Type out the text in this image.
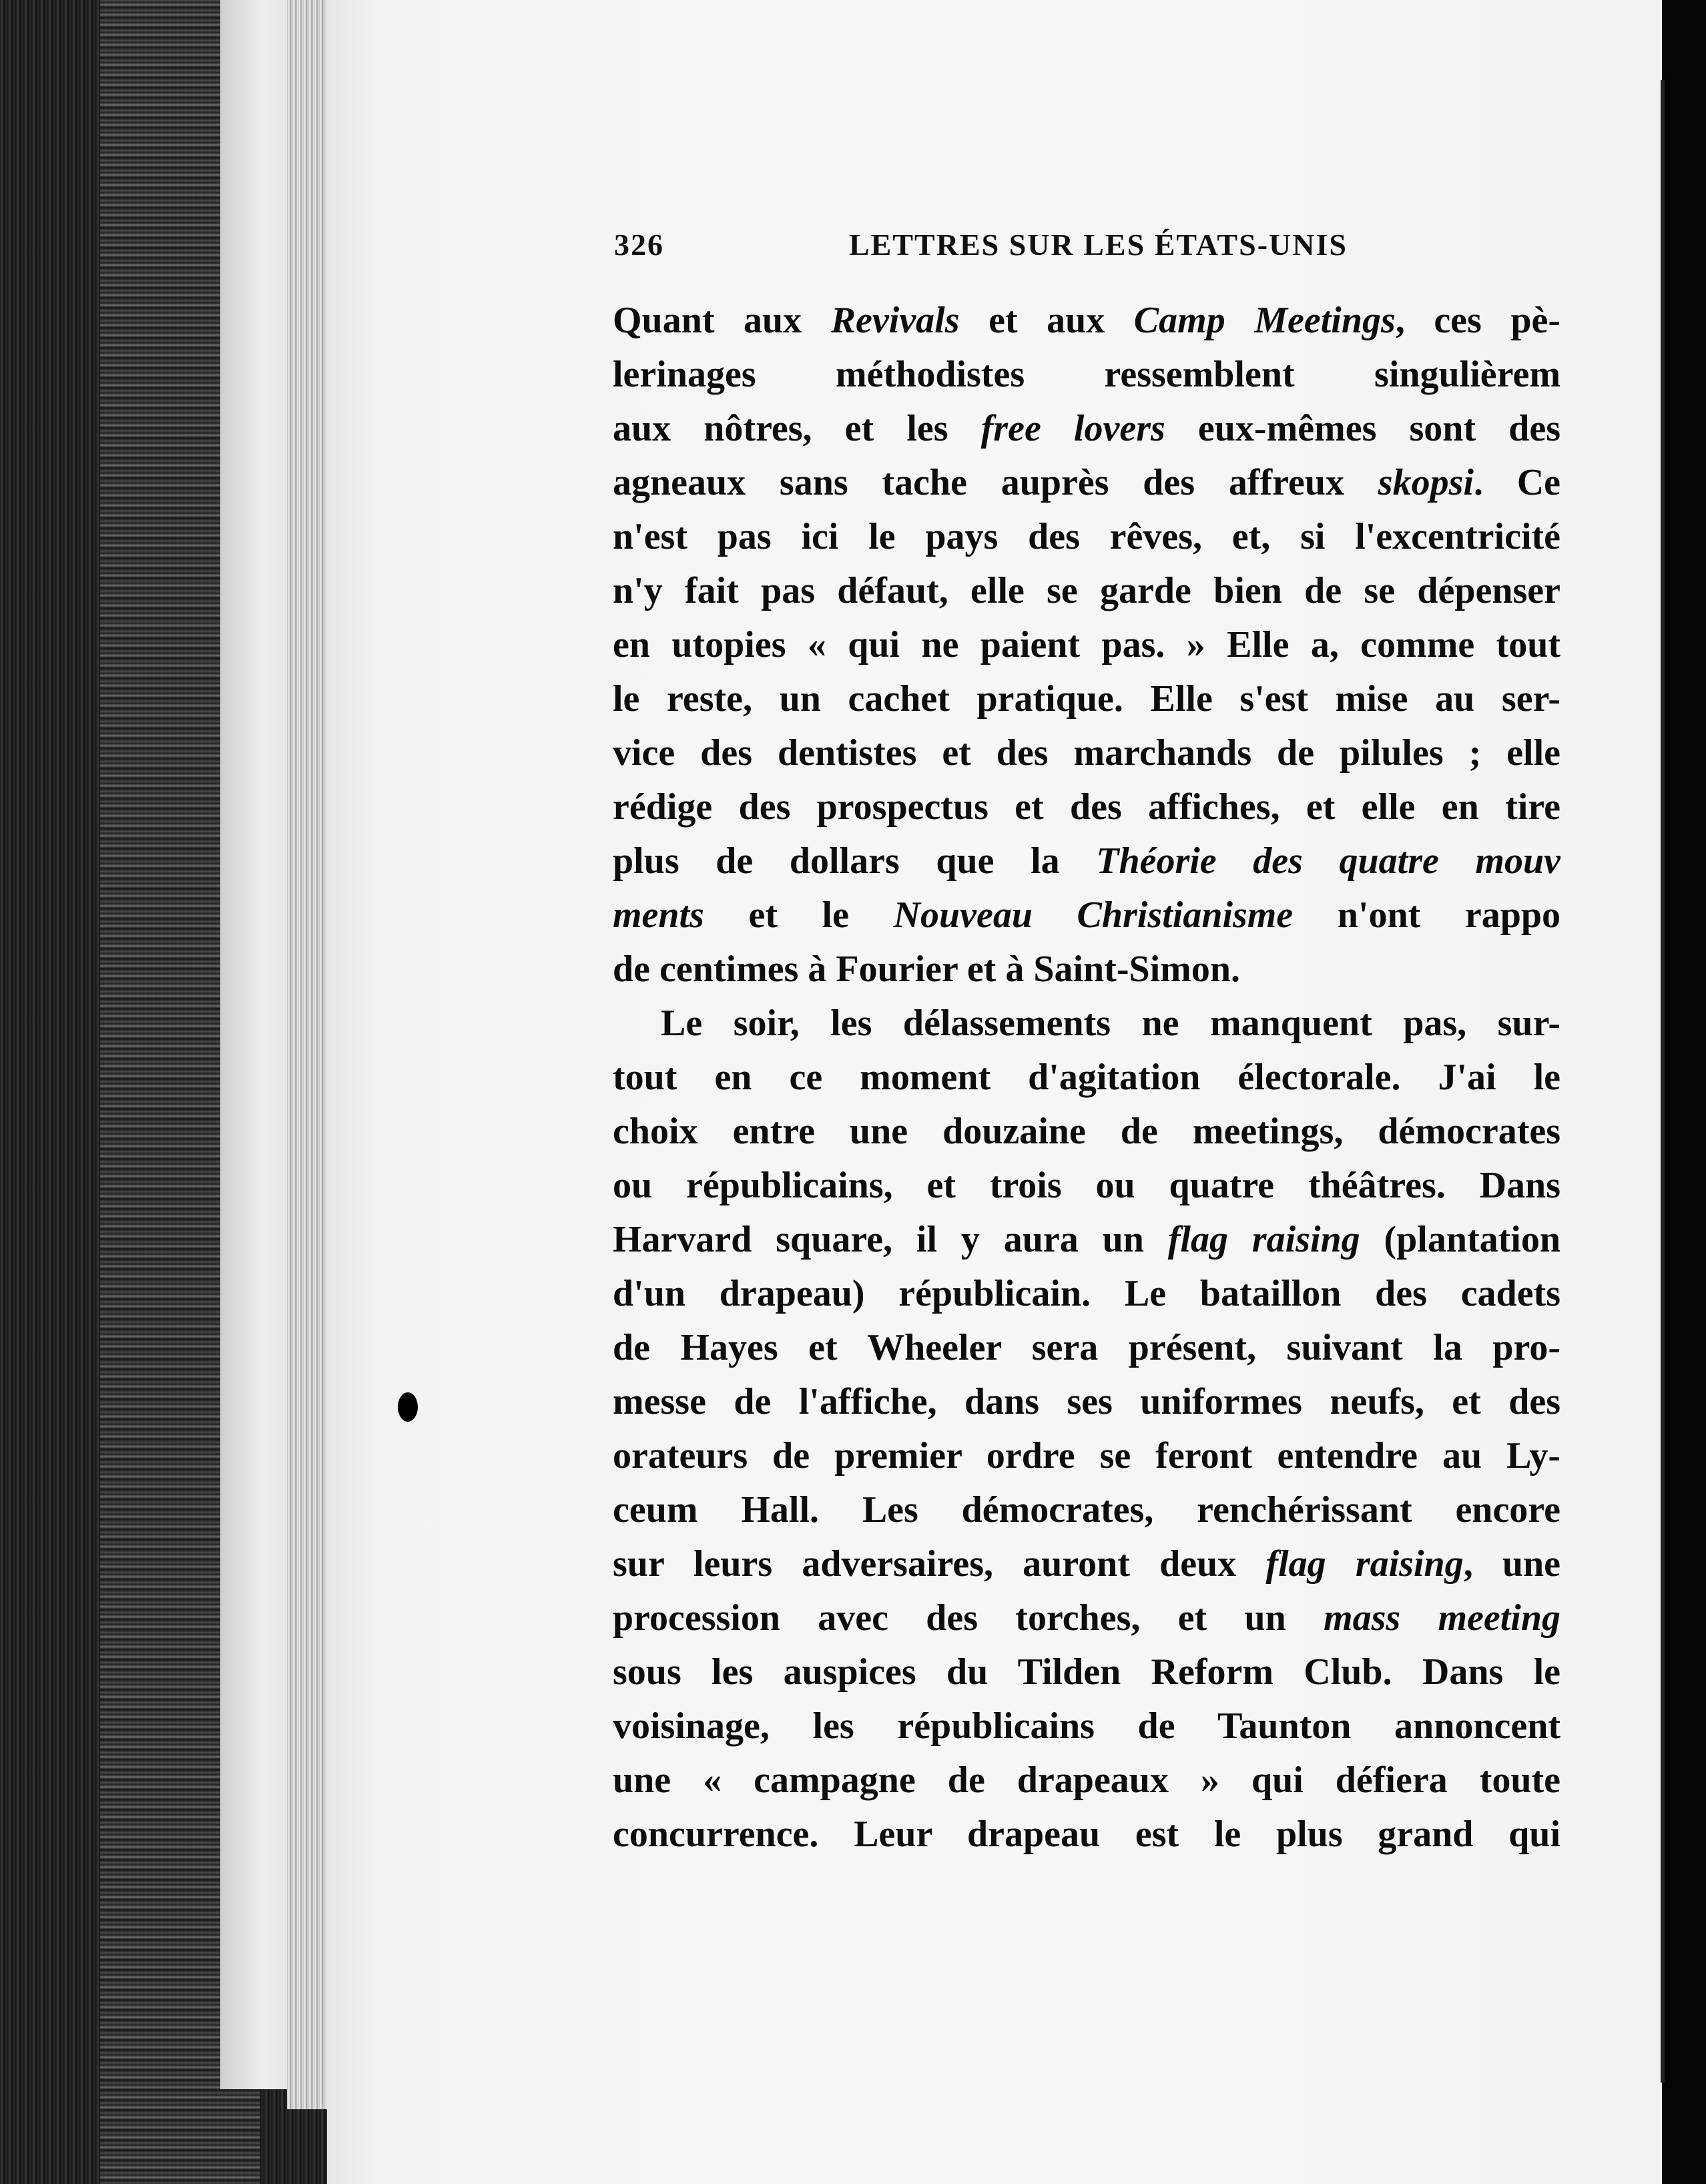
326	LETTRES SUR LES ÉTATS-UNIS
Quant aux Revivals et aux Camp Meetings, ces pè-
lerinages méthodistes ressemblent singulièrem
aux nôtres, et les free lovers eux-mêmes sont des
agneaux sans tache auprès des affreux skopsi. Ce
n'est pas ici le pays des rêves, et, si l'excentricité
n'y fait pas défaut, elle se garde bien de se dépenser
en utopies « qui ne paient pas. » Elle a, comme tout
le reste, un cachet pratique. Elle s'est mise au ser-
vice des dentistes et des marchands de pilules ; elle
rédige des prospectus et des affiches, et elle en tire
plus de dollars que la Théorie des quatre mouv
ments et le Nouveau Christianisme n'ont rappo
de centimes à Fourier et à Saint-Simon.
Le soir, les délassements ne manquent pas, sur-
tout en ce moment d'agitation électorale. J'ai le
choix entre une douzaine de meetings, démocrates
ou républicains, et trois ou quatre théâtres. Dans
Harvard square, il y aura un flag raising (plantation
d'un drapeau) républicain. Le bataillon des cadets
de Hayes et Wheeler sera présent, suivant la pro-
messe de l'affiche, dans ses uniformes neufs, et des
orateurs de premier ordre se feront entendre au Ly-
ceum Hall. Les démocrates, renchérissant encore
sur leurs adversaires, auront deux flag raising, une
procession avec des torches, et un mass meeting
sous les auspices du Tilden Reform Club. Dans le
voisinage, les républicains de Taunton annoncent
une « campagne de drapeaux » qui défiera toute
concurrence. Leur drapeau est le plus grand qui
